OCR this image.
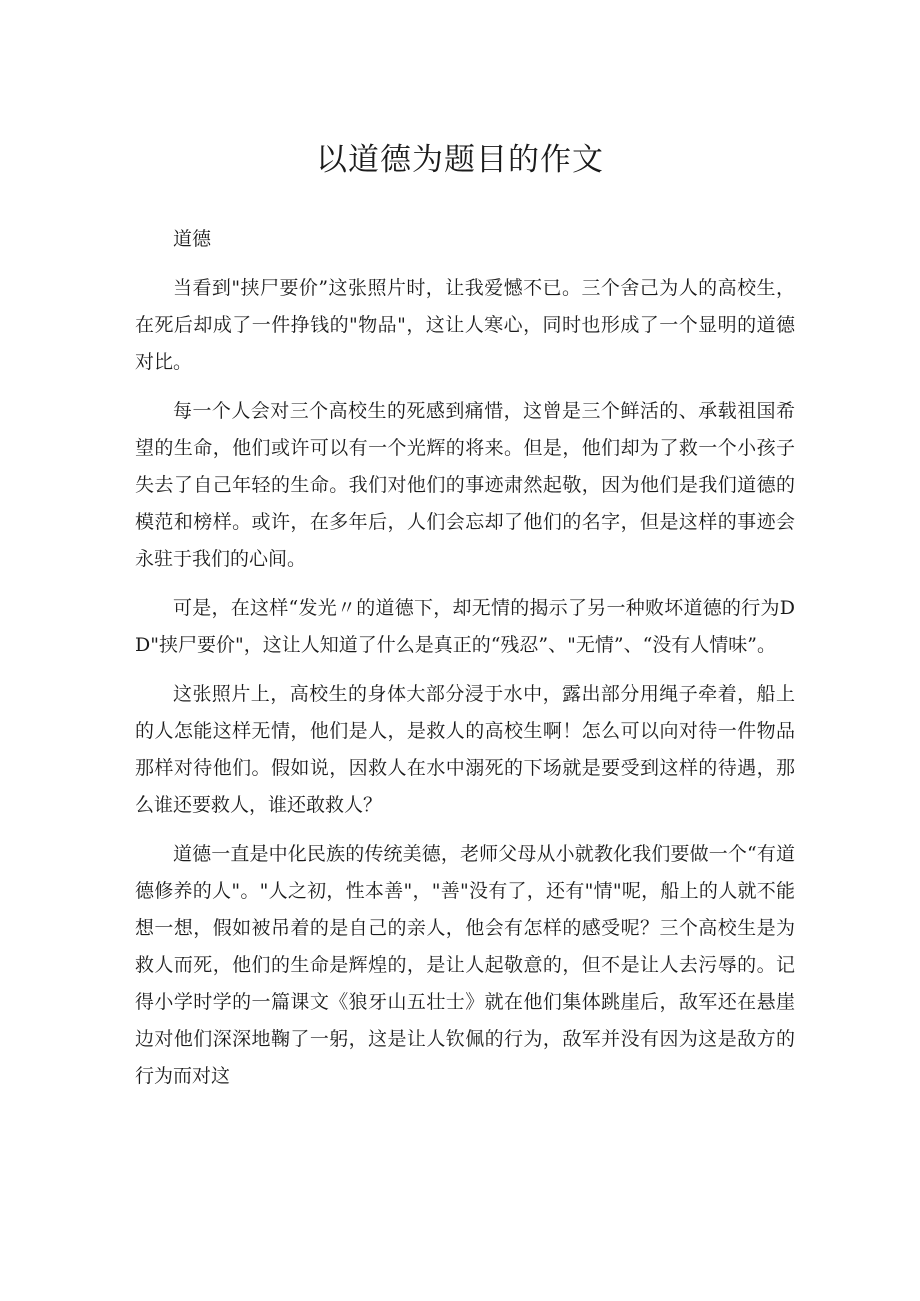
以道德为题目的作文

道德

当看到"挟尸要价”这张照片时，让我爱憾不已。三个舍己为人的高校生，在死后却成了一件挣钱的"物品"，这让人寒心，同时也形成了一个显明的道德对比。

每一个人会对三个高校生的死感到痛惜，这曾是三个鲜活的、承载祖国希望的生命，他们或许可以有一个光辉的将来。但是，他们却为了救一个小孩子失去了自己年轻的生命。我们对他们的事迹肃然起敬，因为他们是我们道德的模范和榜样。或许，在多年后，人们会忘却了他们的名字，但是这样的事迹会永驻于我们的心间。

可是，在这样“发光〃的道德下，却无情的揭示了另一种败坏道德的行为DD"挟尸要价"，这让人知道了什么是真正的“残忍”、"无情”、“没有人情味”。

这张照片上，高校生的身体大部分浸于水中，露出部分用绳子牵着，船上的人怎能这样无情，他们是人，是救人的高校生啊！怎么可以向对待一件物品那样对待他们。假如说，因救人在水中溺死的下场就是要受到这样的待遇，那么谁还要救人，谁还敢救人？

道德一直是中化民族的传统美德，老师父母从小就教化我们要做一个“有道德修养的人"。"人之初，性本善"，"善"没有了，还有"情"呢，船上的人就不能想一想，假如被吊着的是自己的亲人，他会有怎样的感受呢？三个高校生是为救人而死，他们的生命是辉煌的，是让人起敬意的，但不是让人去污辱的。记得小学时学的一篇课文《狼牙山五壮士》就在他们集体跳崖后，敌军还在悬崖边对他们深深地鞠了一躬，这是让人钦佩的行为，敌军并没有因为这是敌方的行为而对这
